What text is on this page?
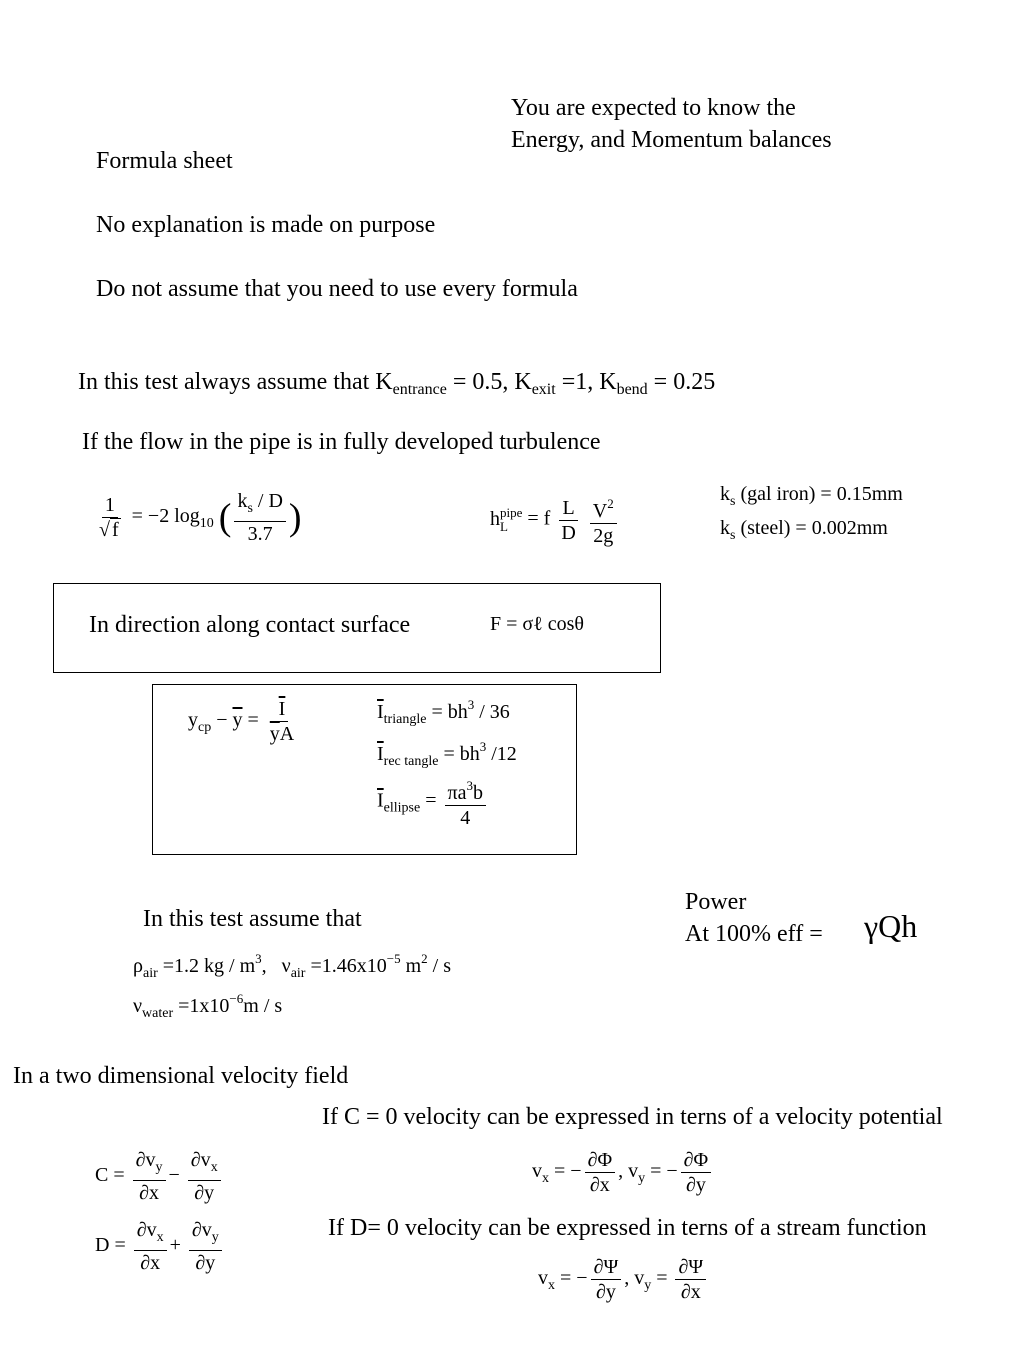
You are expected to know the
Energy, and Momentum balances
Formula sheet
No explanation is made on purpose
Do not assume that you need to use every formula
In this test always assume that $K_{entrance} = 0.5$, $K_{exit} =1$, $K_{bend} = 0.25$
If the flow in the pipe is in fully developed turbulence
$\frac{1}{√ f} = -2$ $\log_{10}$ ( $\frac{k_s / D}{3.7}$ )	h pipe
L = f $\frac{L}{D}$
$\frac{V^2}{2g}$	$k_s$ (gal iron) = 0.15mm
$k_s$ (steel) = 0.002mm
In direction along contact surface	F = σℓ cosθ
$y_{cp} - \overline{y} = \frac{\overline{I}}{\overline{y}A}$	$\overline{I}_{triangle} = bh^3 / 36$
$\overline{I}_{rec tangle} = bh^3$ /12
$\overline{I}_{ellipse} = \frac{\pi a^3b}{4}$
In this test assume that
$\rho_{air} =1.2$ kg / $m^3$,   $\nu_{air} =1.46x10^{-5}$ $m^2$ / s
$\nu_{water} =1x10^{-6}m / s$
Power
At 100% eff = γQh
In a two dimensional velocity field
If C = 0 velocity can be expressed in terns of a velocity potential
$C = \frac{\partial v_y}{\partial x} - \frac{\partial v_x}{\partial y}$	$v_x$ = − $\frac{\partial\Phi}{\partial x}$ , $v_y$ = − $\frac{\partial\Phi}{\partial y}$
$D = \frac{\partial v_x}{\partial x} + \frac{\partial v_y}{\partial y}$	If D= 0 velocity can be expressed in terns of a stream function
$v_x$ = − $\frac{\partial\Psi}{\partial y}$ , $v_y = \frac{\partial\Psi}{\partial x}$
